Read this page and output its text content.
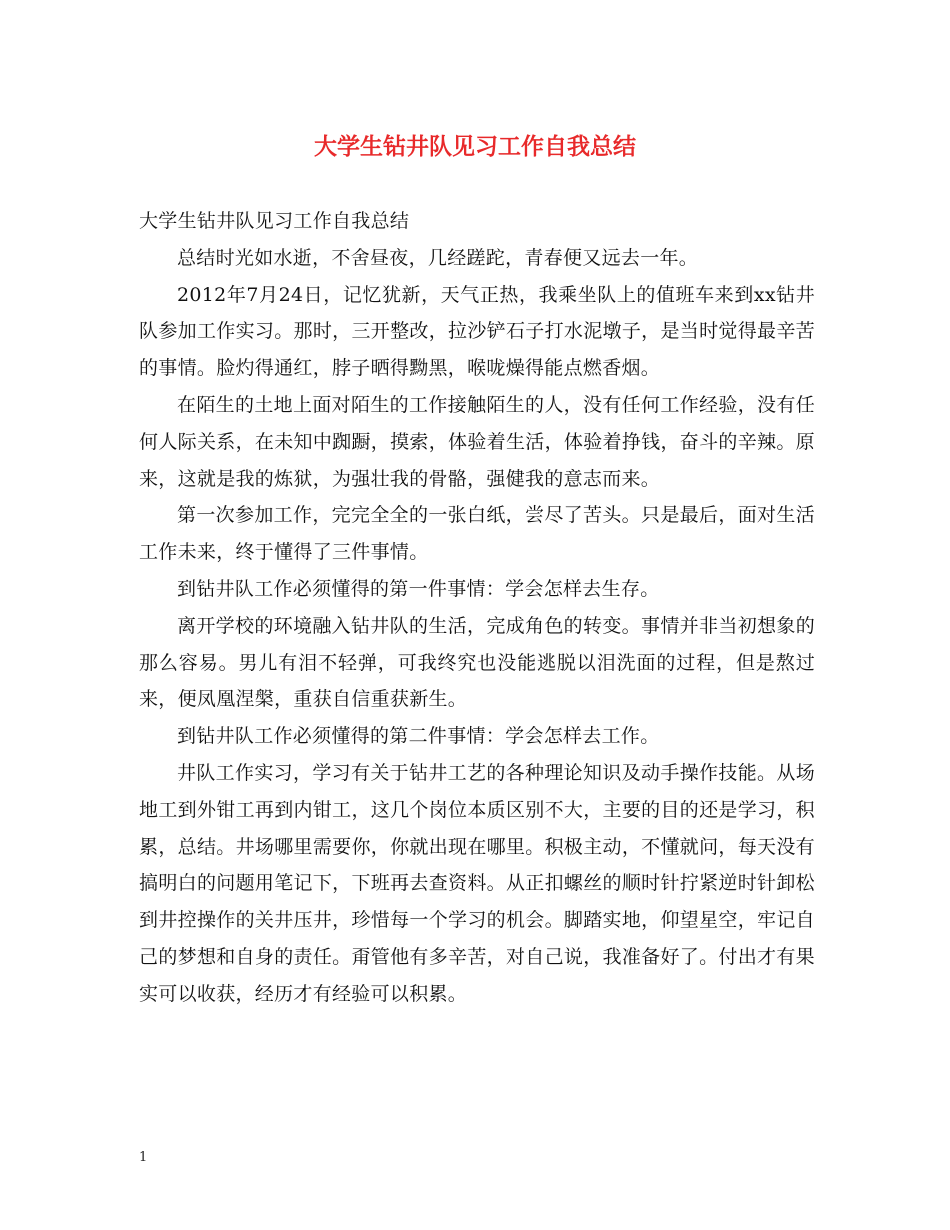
大学生钻井队见习工作自我总结

大学生钻井队见习工作自我总结

总结时光如水逝，不舍昼夜，几经蹉跎，青春便又远去一年。

2012年7月24日，记忆犹新，天气正热，我乘坐队上的值班车来到xx钻井队参加工作实习。那时，三开整改，拉沙铲石子打水泥墩子，是当时觉得最辛苦的事情。脸灼得通红，脖子晒得黝黑，喉咙燥得能点燃香烟。

在陌生的土地上面对陌生的工作接触陌生的人，没有任何工作经验，没有任何人际关系，在未知中踟蹰，摸索，体验着生活，体验着挣钱，奋斗的辛辣。原来，这就是我的炼狱，为强壮我的骨骼，强健我的意志而来。

第一次参加工作，完完全全的一张白纸，尝尽了苦头。只是最后，面对生活工作未来，终于懂得了三件事情。

到钻井队工作必须懂得的第一件事情：学会怎样去生存。

离开学校的环境融入钻井队的生活，完成角色的转变。事情并非当初想象的那么容易。男儿有泪不轻弹，可我终究也没能逃脱以泪洗面的过程，但是熬过来，便凤凰涅槃，重获自信重获新生。

到钻井队工作必须懂得的第二件事情：学会怎样去工作。

井队工作实习，学习有关于钻井工艺的各种理论知识及动手操作技能。从场地工到外钳工再到内钳工，这几个岗位本质区别不大，主要的目的还是学习，积累，总结。井场哪里需要你，你就出现在哪里。积极主动，不懂就问，每天没有搞明白的问题用笔记下，下班再去查资料。从正扣螺丝的顺时针拧紧逆时针卸松到井控操作的关井压井，珍惜每一个学习的机会。脚踏实地，仰望星空，牢记自己的梦想和自身的责任。甭管他有多辛苦，对自己说，我准备好了。付出才有果实可以收获，经历才有经验可以积累。

1
